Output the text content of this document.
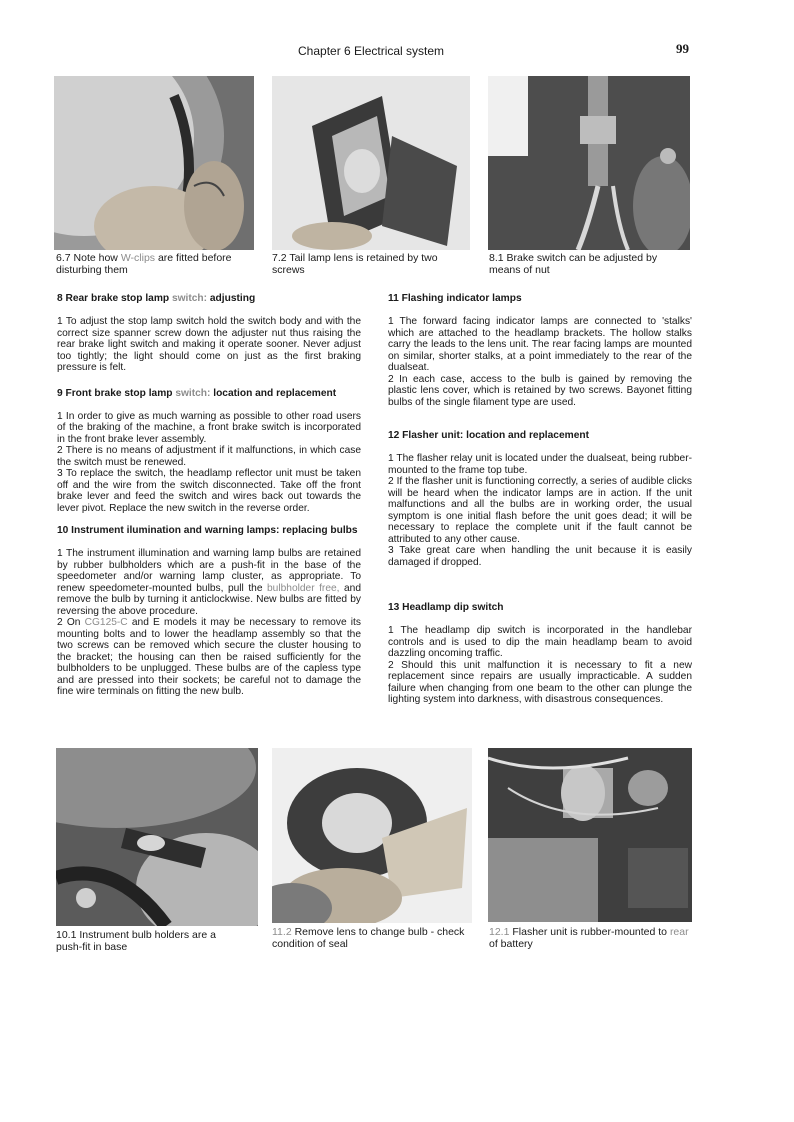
Chapter 6 Electrical system	99
6.7 Note how W-clips are fitted before disturbing them
7.2 Tail lamp lens is retained by two screws
8.1 Brake switch can be adjusted by means of nut
8 Rear brake stop lamp switch: adjusting

1 To adjust the stop lamp switch hold the switch body and with the correct size spanner screw down the adjuster nut thus raising the rear brake light switch and making it operate sooner. Never adjust too tightly; the light should come on just as the first braking pressure is felt.

9 Front brake stop lamp switch: location and replacement

1 In order to give as much warning as possible to other road users of the braking of the machine, a front brake switch is incorporated in the front brake lever assembly.

2 There is no means of adjustment if it malfunctions, in which case the switch must be renewed.

3 To replace the switch, the headlamp reflector unit must be taken off and the wire from the switch disconnected. Take off the front brake lever and feed the switch and wires back out towards the lever pivot. Replace the new switch in the reverse order.

10 Instrument ilumination and warning lamps: replacing bulbs

1 The instrument illumination and warning lamp bulbs are retained by rubber bulbholders which are a push-fit in the base of the speedometer and/or warning lamp cluster, as appropriate. To renew speedometer-mounted bulbs, pull the bulbholder free, and remove the bulb by turning it anticlockwise. New bulbs are fitted by reversing the above procedure.

2 On CG125-C and E models it may be necessary to remove its mounting bolts and to lower the headlamp assembly so that the two screws can be removed which secure the cluster housing to the bracket; the housing can then be raised sufficiently for the bulbholders to be unplugged. These bulbs are of the capless type and are pressed into their sockets; be careful not to damage the fine wire terminals on fitting the new bulb.

11 Flashing indicator lamps

1 The forward facing indicator lamps are connected to 'stalks' which are attached to the headlamp brackets. The hollow stalks carry the leads to the lens unit. The rear facing lamps are mounted on similar, shorter stalks, at a point immediately to the rear of the dualseat.

2 In each case, access to the bulb is gained by removing the plastic lens cover, which is retained by two screws. Bayonet fitting bulbs of the single filament type are used.

12 Flasher unit: location and replacement

1 The flasher relay unit is located under the dualseat, being rubber-mounted to the frame top tube.

2 If the flasher unit is functioning correctly, a series of audible clicks will be heard when the indicator lamps are in action. If the unit malfunctions and all the bulbs are in working order, the usual symptom is one initial flash before the unit goes dead; it will be necessary to replace the complete unit if the fault cannot be attributed to any other cause.

3 Take great care when handling the unit because it is easily damaged if dropped.

13 Headlamp dip switch

1 The headlamp dip switch is incorporated in the handlebar controls and is used to dip the main headlamp beam to avoid dazzling oncoming traffic.

2 Should this unit malfunction it is necessary to fit a new replacement since repairs are usually impracticable. A sudden failure when changing from one beam to the other can plunge the lighting system into darkness, with disastrous consequences.

10.1 Instrument bulb holders are a push-fit in base
11.2 Remove lens to change bulb - check condition of seal
12.1 Flasher unit is rubber-mounted to rear of battery
